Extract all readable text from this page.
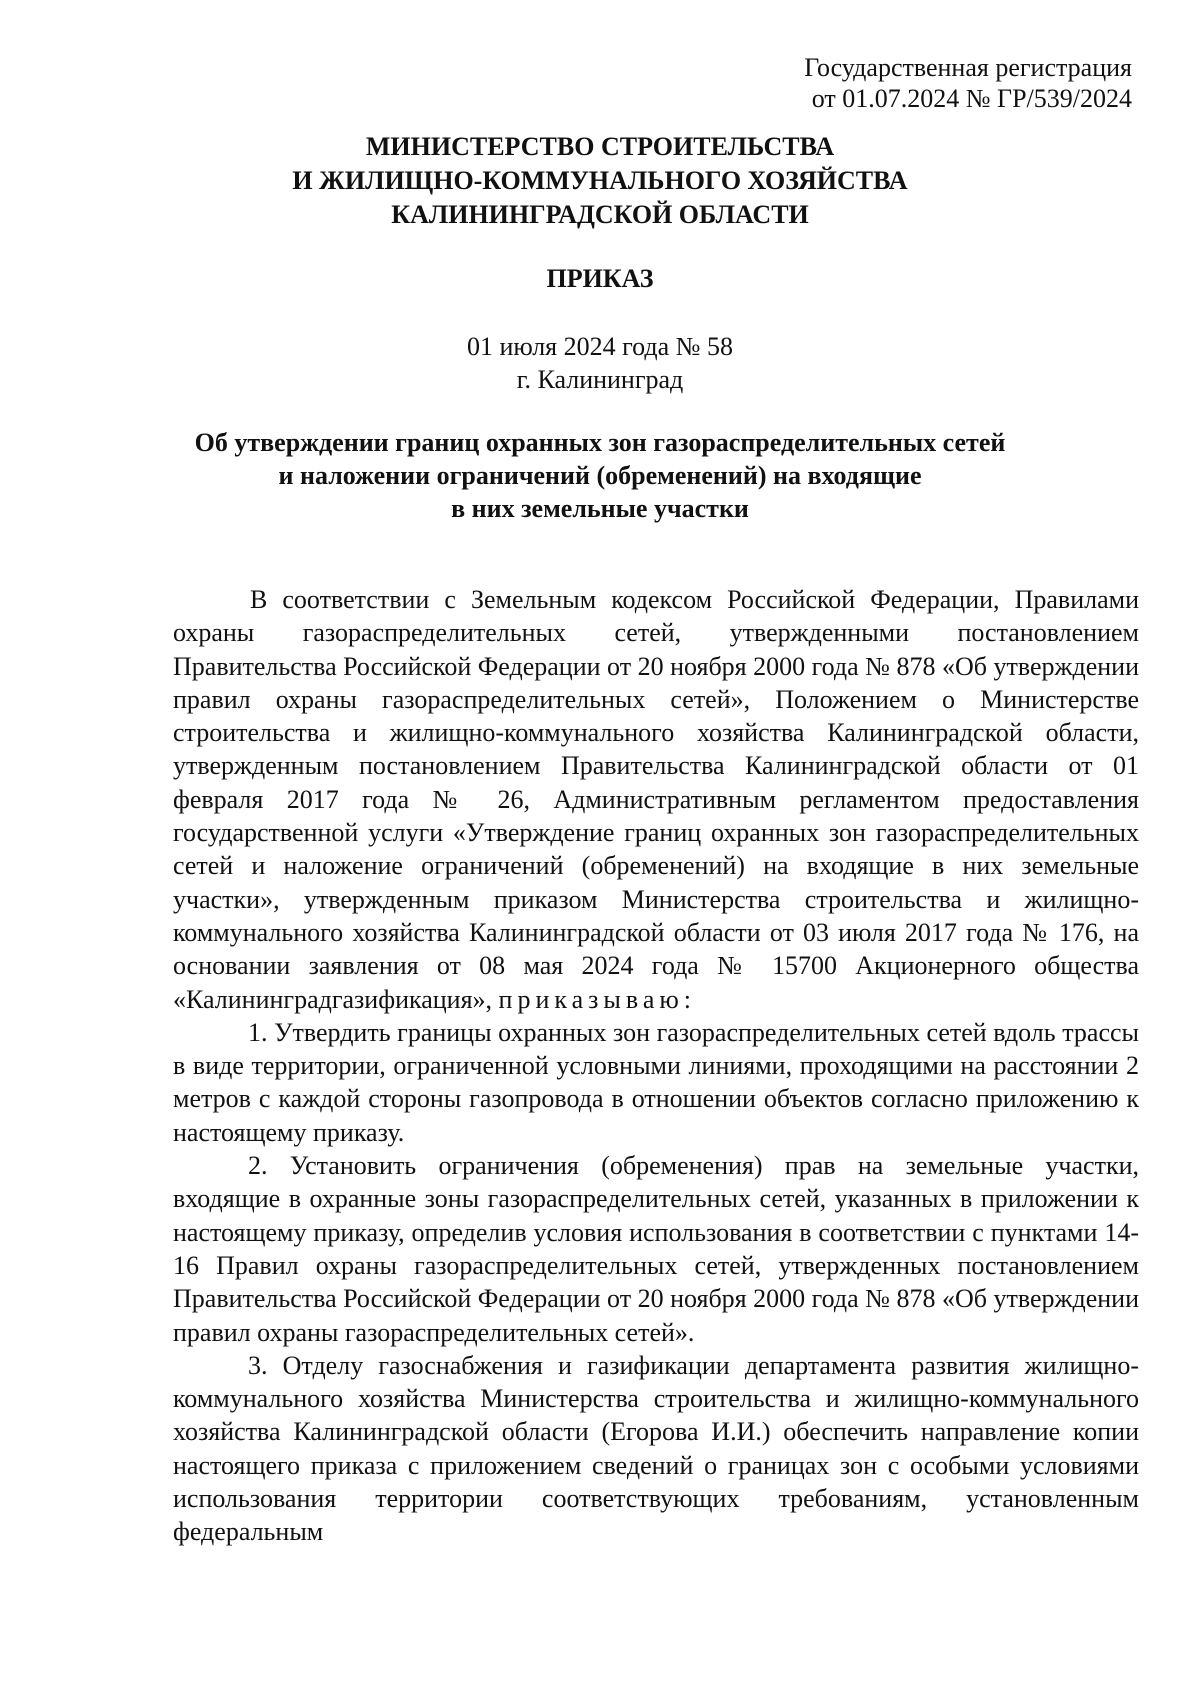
Государственная регистрация
от 01.07.2024 № ГР/539/2024
МИНИСТЕРСТВО СТРОИТЕЛЬСТВА
И ЖИЛИЩНО-КОММУНАЛЬНОГО ХОЗЯЙСТВА
КАЛИНИНГРАДСКОЙ ОБЛАСТИ
ПРИКАЗ
01 июля 2024 года № 58
г. Калининград
Об утверждении границ охранных зон газораспределительных сетей
и наложении ограничений (обременений) на входящие
в них земельные участки

В соответствии с Земельным кодексом Российской Федерации, Правилами охраны газораспределительных сетей, утвержденными постановлением Правительства Российской Федерации от 20 ноября 2000 года № 878 «Об утверждении правил охраны газораспределительных сетей», Положением о Министерстве строительства и жилищно-коммунального хозяйства Калининградской области, утвержденным постановлением Правительства Калининградской области от 01 февраля 2017 года № 26, Административным регламентом предоставления государственной услуги «Утверждение границ охранных зон газораспределительных сетей и наложение ограничений (обременений) на входящие в них земельные участки», утвержденным приказом Министерства строительства и жилищно-коммунального хозяйства Калининградской области от 03 июля 2017 года № 176, на основании заявления от 08 мая 2024 года № 15700 Акционерного общества «Калининградгазификация», приказываю:

1. Утвердить границы охранных зон газораспределительных сетей вдоль трассы в виде территории, ограниченной условными линиями, проходящими на расстоянии 2 метров с каждой стороны газопровода в отношении объектов согласно приложению к настоящему приказу.

2. Установить ограничения (обременения) прав на земельные участки, входящие в охранные зоны газораспределительных сетей, указанных в приложении к настоящему приказу, определив условия использования в соответствии с пунктами 14-16 Правил охраны газораспределительных сетей, утвержденных постановлением Правительства Российской Федерации от 20 ноября 2000 года № 878 «Об утверждении правил охраны газораспределительных сетей».

3. Отделу газоснабжения и газификации департамента развития жилищно-коммунального хозяйства Министерства строительства и жилищно-коммунального хозяйства Калининградской области (Егорова И.И.) обеспечить направление копии настоящего приказа с приложением сведений о границах зон с особыми условиями использования территории соответствующих требованиям, установленным федеральным
